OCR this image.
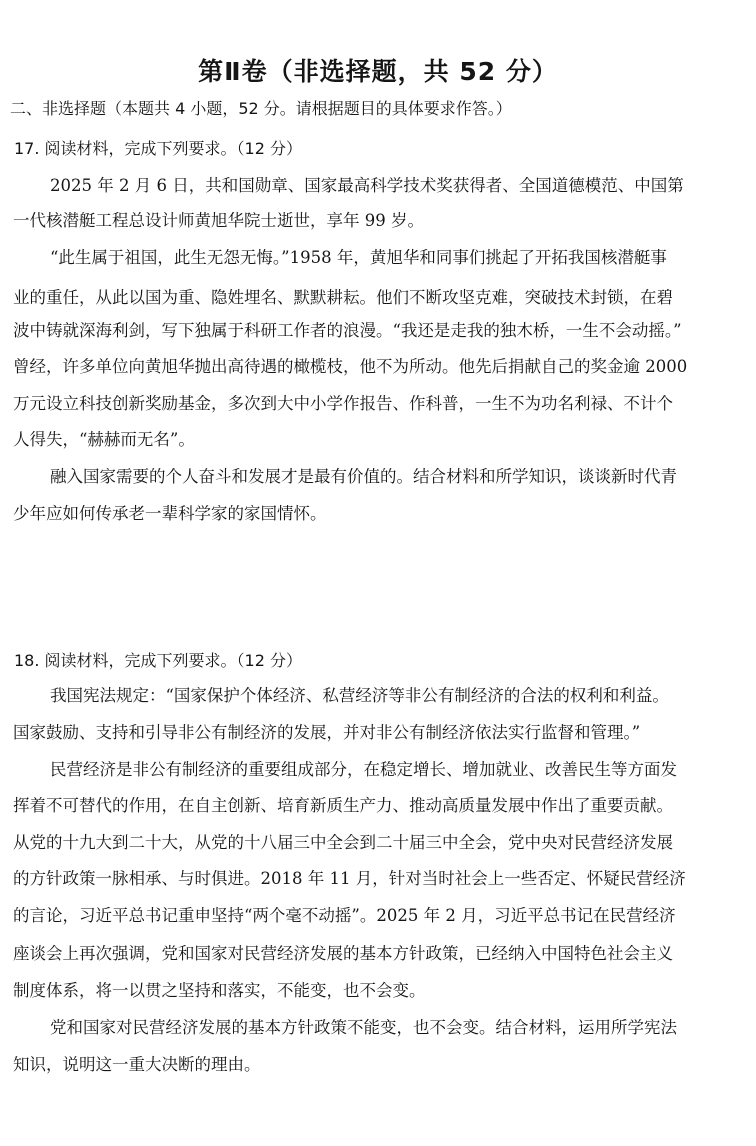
第Ⅱ卷（非选择题，共 52 分）
二、非选择题（本题共 4 小题，52 分。请根据题目的具体要求作答。）
17. 阅读材料，完成下列要求。（12 分）
2025 年 2 月 6 日，共和国勋章、国家最高科学技术奖获得者、全国道德模范、中国第
一代核潜艇工程总设计师黄旭华院士逝世，享年 99 岁。
“此生属于祖国，此生无怨无悔。”1958 年，黄旭华和同事们挑起了开拓我国核潜艇事
业的重任，从此以国为重、隐姓埋名、默默耕耘。他们不断攻坚克难，突破技术封锁，在碧
波中铸就深海利剑，写下独属于科研工作者的浪漫。“我还是走我的独木桥，一生不会动摇。”
曾经，许多单位向黄旭华抛出高待遇的橄榄枝，他不为所动。他先后捐献自己的奖金逾 2000
万元设立科技创新奖励基金，多次到大中小学作报告、作科普，一生不为功名利禄、不计个
人得失，“赫赫而无名”。
融入国家需要的个人奋斗和发展才是最有价值的。结合材料和所学知识，谈谈新时代青
少年应如何传承老一辈科学家的家国情怀。
18. 阅读材料，完成下列要求。（12 分）
我国宪法规定：“国家保护个体经济、私营经济等非公有制经济的合法的权利和利益。
国家鼓励、支持和引导非公有制经济的发展，并对非公有制经济依法实行监督和管理。”
民营经济是非公有制经济的重要组成部分，在稳定增长、增加就业、改善民生等方面发
挥着不可替代的作用，在自主创新、培育新质生产力、推动高质量发展中作出了重要贡献。
从党的十九大到二十大，从党的十八届三中全会到二十届三中全会，党中央对民营经济发展
的方针政策一脉相承、与时俱进。2018 年 11 月，针对当时社会上一些否定、怀疑民营经济
的言论，习近平总书记重申坚持“两个毫不动摇”。2025 年 2 月，习近平总书记在民营经济
座谈会上再次强调，党和国家对民营经济发展的基本方针政策，已经纳入中国特色社会主义
制度体系，将一以贯之坚持和落实，不能变，也不会变。
党和国家对民营经济发展的基本方针政策不能变，也不会变。结合材料，运用所学宪法
知识，说明这一重大决断的理由。
